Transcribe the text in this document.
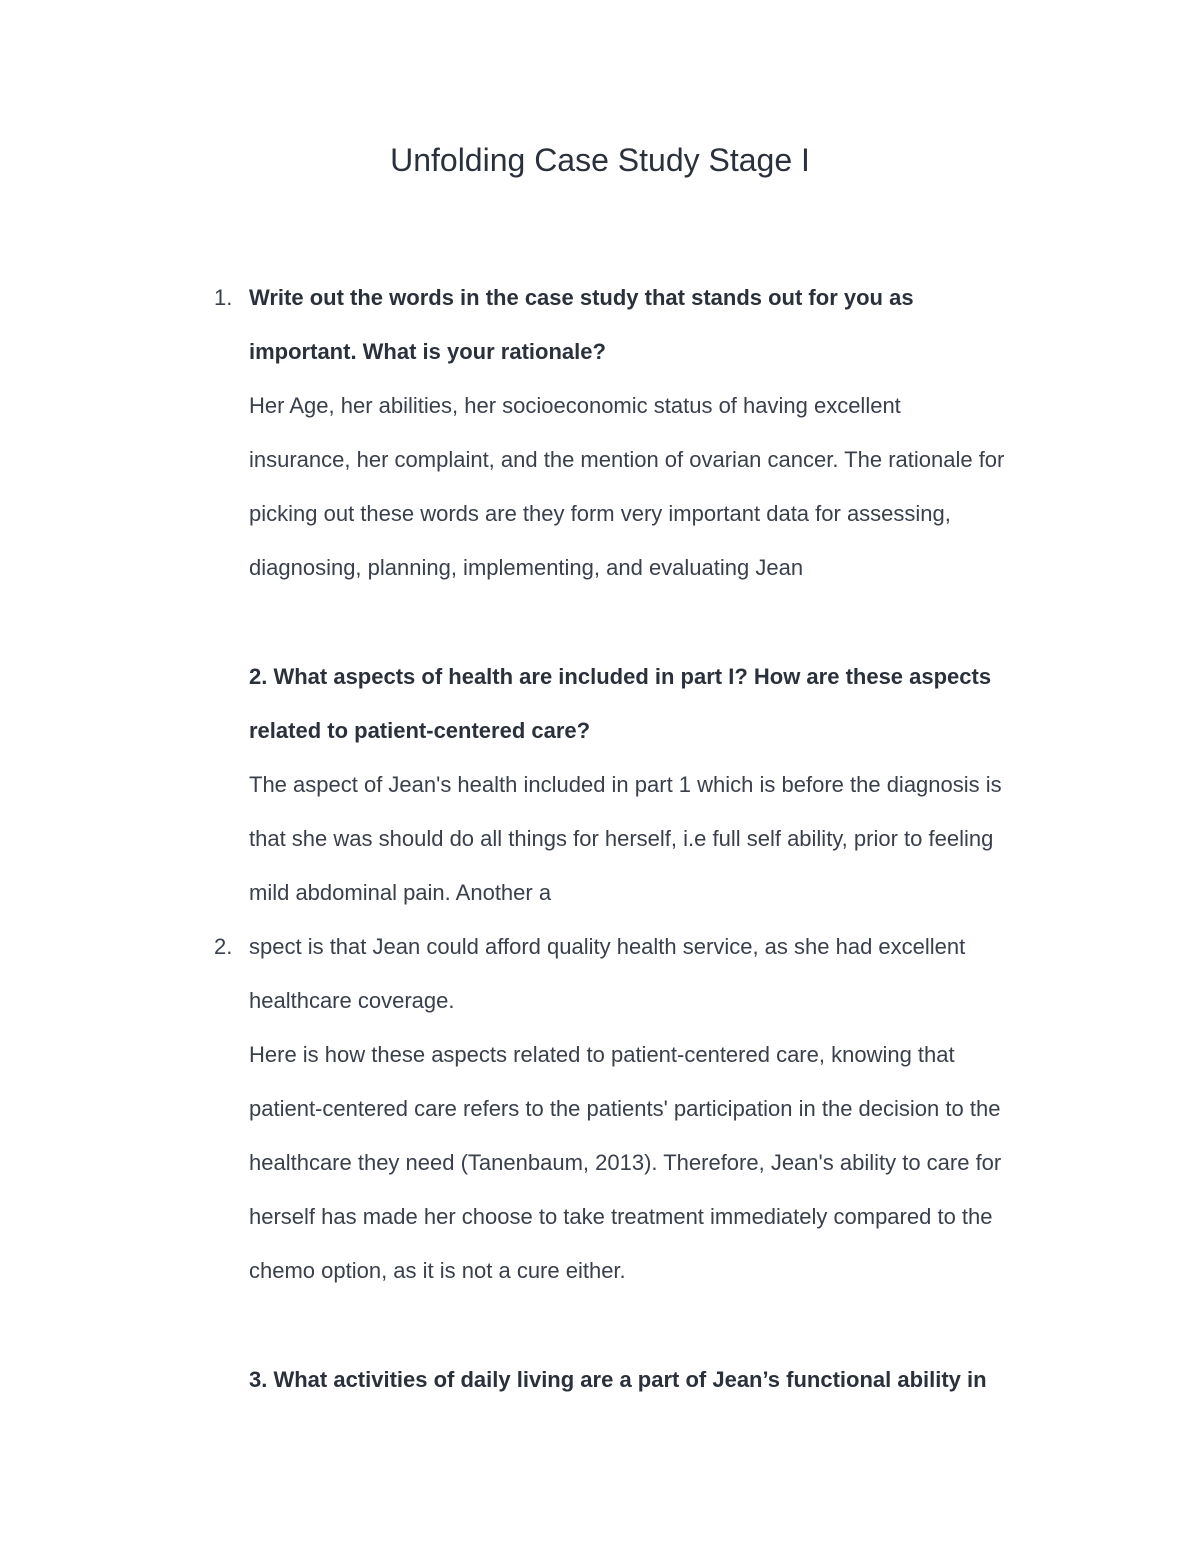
Unfolding Case Study Stage I
1. Write out the words in the case study that stands out for you as
important. What is your rationale?
Her Age, her abilities, her socioeconomic status of having excellent
insurance, her complaint, and the mention of ovarian cancer. The rationale for
picking out these words are they form very important data for assessing,
diagnosing, planning, implementing, and evaluating Jean
2. What aspects of health are included in part I? How are these aspects
related to patient-centered care?
The aspect of Jean's health included in part 1 which is before the diagnosis is
that she was should do all things for herself, i.e full self ability, prior to feeling
mild abdominal pain. Another a
2. spect is that Jean could afford quality health service, as she had excellent
healthcare coverage.
Here is how these aspects related to patient-centered care, knowing that
patient-centered care refers to the patients' participation in the decision to the
healthcare they need (Tanenbaum, 2013). Therefore, Jean's ability to care for
herself has made her choose to take treatment immediately compared to the
chemo option, as it is not a cure either.
3. What activities of daily living are a part of Jean’s functional ability in
